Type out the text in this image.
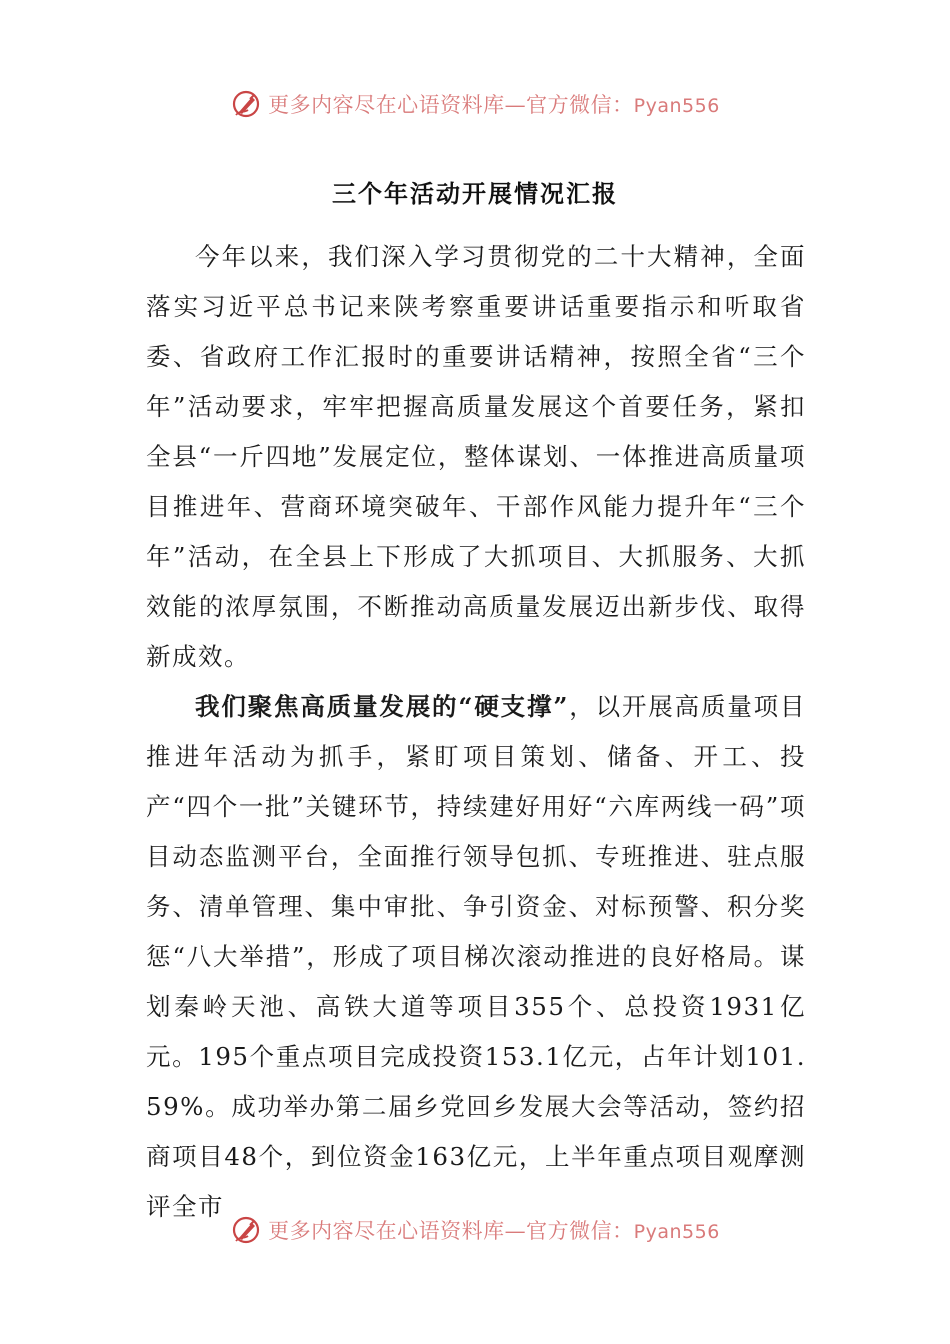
更多内容尽在心语资料库—官方微信：Pyan556
三个年活动开展情况汇报

今年以来，我们深入学习贯彻党的二十大精神，全面落实习近平总书记来陕考察重要讲话重要指示和听取省委、省政府工作汇报时的重要讲话精神，按照全省“三个年”活动要求，牢牢把握高质量发展这个首要任务，紧扣全县“一斤四地”发展定位，整体谋划、一体推进高质量项目推进年、营商环境突破年、干部作风能力提升年“三个年”活动，在全县上下形成了大抓项目、大抓服务、大抓效能的浓厚氛围，不断推动高质量发展迈出新步伐、取得新成效。

我们聚焦高质量发展的“硬支撑”，以开展高质量项目推进年活动为抓手，紧盯项目策划、储备、开工、投产“四个一批”关键环节，持续建好用好“六库两线一码”项目动态监测平台，全面推行领导包抓、专班推进、驻点服务、清单管理、集中审批、争引资金、对标预警、积分奖惩“八大举措”，形成了项目梯次滚动推进的良好格局。谋划秦岭天池、高铁大道等项目355个、总投资1931亿元。195个重点项目完成投资153.1亿元，占年计划101.59%。成功举办第二届乡党回乡发展大会等活动，签约招商项目48个，到位资金163亿元，上半年重点项目观摩测评全市

更多内容尽在心语资料库—官方微信：Pyan556
